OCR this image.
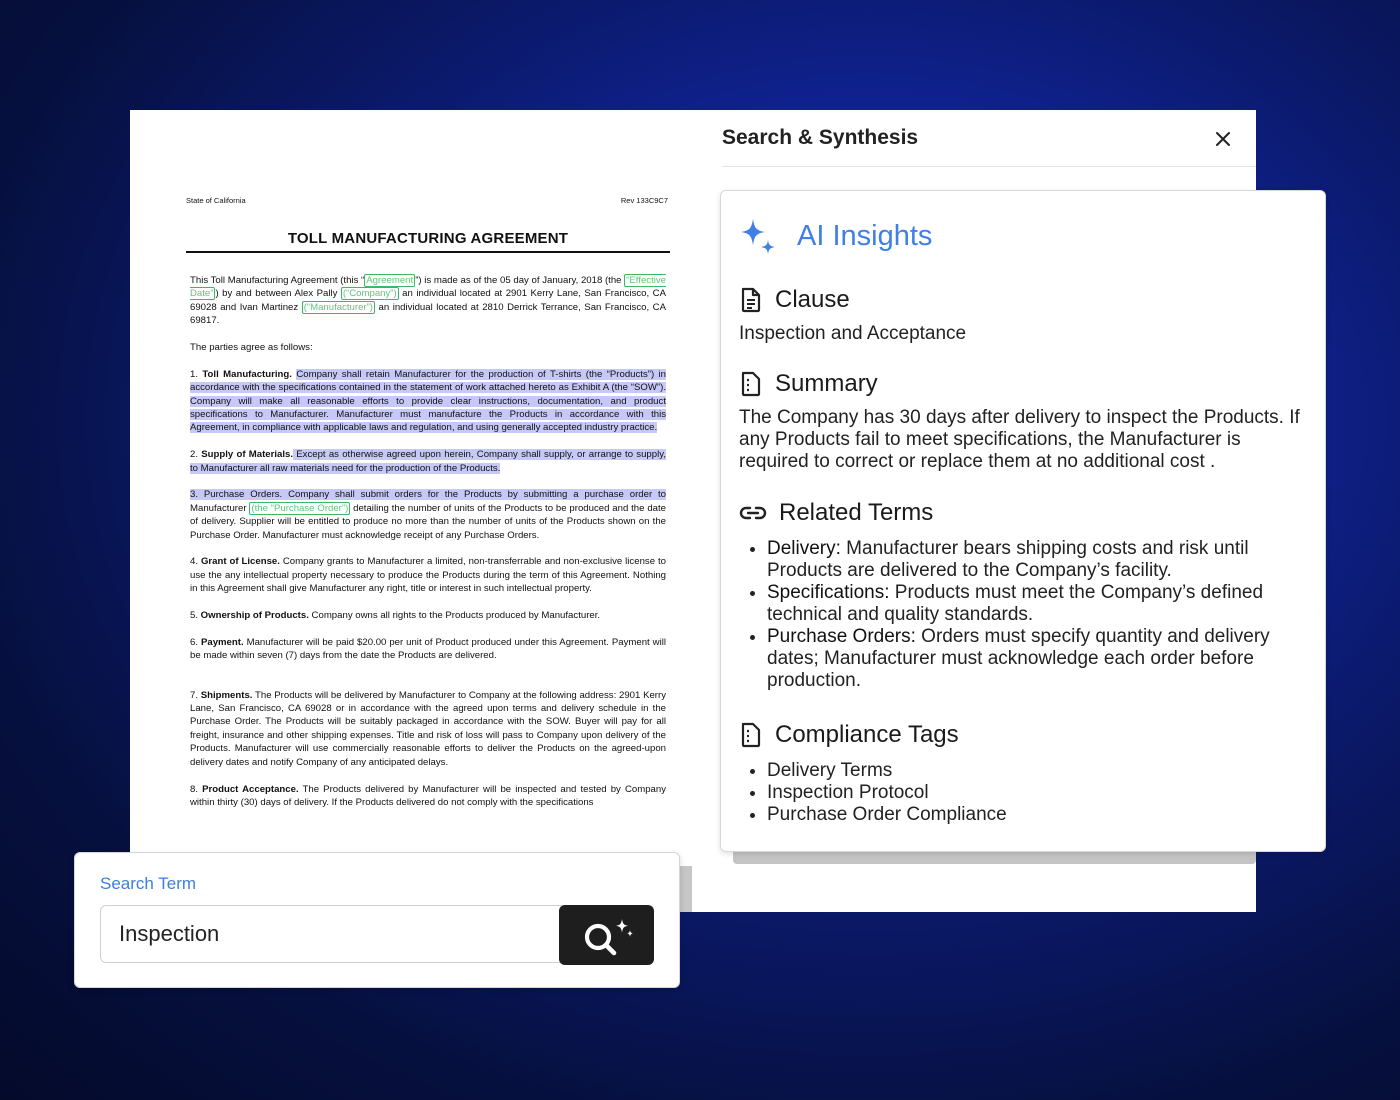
State of California	Rev 133C9C7
TOLL MANUFACTURING AGREEMENT

This Toll Manufacturing Agreement (this “ Agreement ”) is made as of the 05 day of January, 2018 (the “Effective Date” ) by and between Alex Pally (“Company”) an individual located at 2901 Kerry Lane, San Francisco, CA 69028 and Ivan Martinez (“Manufacturer”) an individual located at 2810 Derrick Terrance, San Francisco, CA 69817.

The parties agree as follows:

1. Toll Manufacturing. Company shall retain Manufacturer for the production of T-shirts (the “Products”) in accordance with the specifications contained in the statement of work attached hereto as Exhibit A (the “SOW”). Company will make all reasonable efforts to provide clear instructions, documentation, and product specifications to Manufacturer. Manufacturer must manufacture the Products in accordance with this Agreement, in compliance with applicable laws and regulation, and using generally accepted industry practice.

2. Supply of Materials. Except as otherwise agreed upon herein, Company shall supply, or arrange to supply, to Manufacturer all raw materials need for the production of the Products.

3. Purchase Orders. Company shall submit orders for the Products by submitting a purchase order to Manufacturer (the “Purchase Order”) detailing the number of units of the Products to be produced and the date of delivery. Supplier will be entitled to produce no more than the number of units of the Products shown on the Purchase Order. Manufacturer must acknowledge receipt of any Purchase Orders.

4. Grant of License. Company grants to Manufacturer a limited, non-transferrable and non-exclusive license to use the any intellectual property necessary to produce the Products during the term of this Agreement. Nothing in this Agreement shall give Manufacturer any right, title or interest in such intellectual property.

5. Ownership of Products. Company owns all rights to the Products produced by Manufacturer.

6. Payment. Manufacturer will be paid $20.00 per unit of Product produced under this Agreement. Payment will be made within seven (7) days from the date the Products are delivered.

7. Shipments. The Products will be delivered by Manufacturer to Company at the following address: 2901 Kerry Lane, San Francisco, CA 69028 or in accordance with the agreed upon terms and delivery schedule in the Purchase Order. The Products will be suitably packaged in accordance with the SOW. Buyer will pay for all freight, insurance and other shipping expenses. Title and risk of loss will pass to Company upon delivery of the Products. Manufacturer will use commercially reasonable efforts to deliver the Products on the agreed-upon delivery dates and notify Company of any anticipated delays.

8. Product Acceptance. The Products delivered by Manufacturer will be inspected and tested by Company within thirty (30) days of delivery. If the Products delivered do not comply with the specifications

Search & Synthesis
AI Insights
Clause
Inspection and Acceptance
Summary
The Company has 30 days after delivery to inspect the Products. If any Products fail to meet specifications, the Manufacturer is required to correct or replace them at no additional cost .
Related Terms
• Delivery: Manufacturer bears shipping costs and risk until Products are delivered to the Company’s facility.
• Specifications: Products must meet the Company’s defined technical and quality standards.
• Purchase Orders: Orders must specify quantity and delivery dates; Manufacturer must acknowledge each order before production.
Compliance Tags
• Delivery Terms
• Inspection Protocol
• Purchase Order Compliance
Search Term
Inspection
